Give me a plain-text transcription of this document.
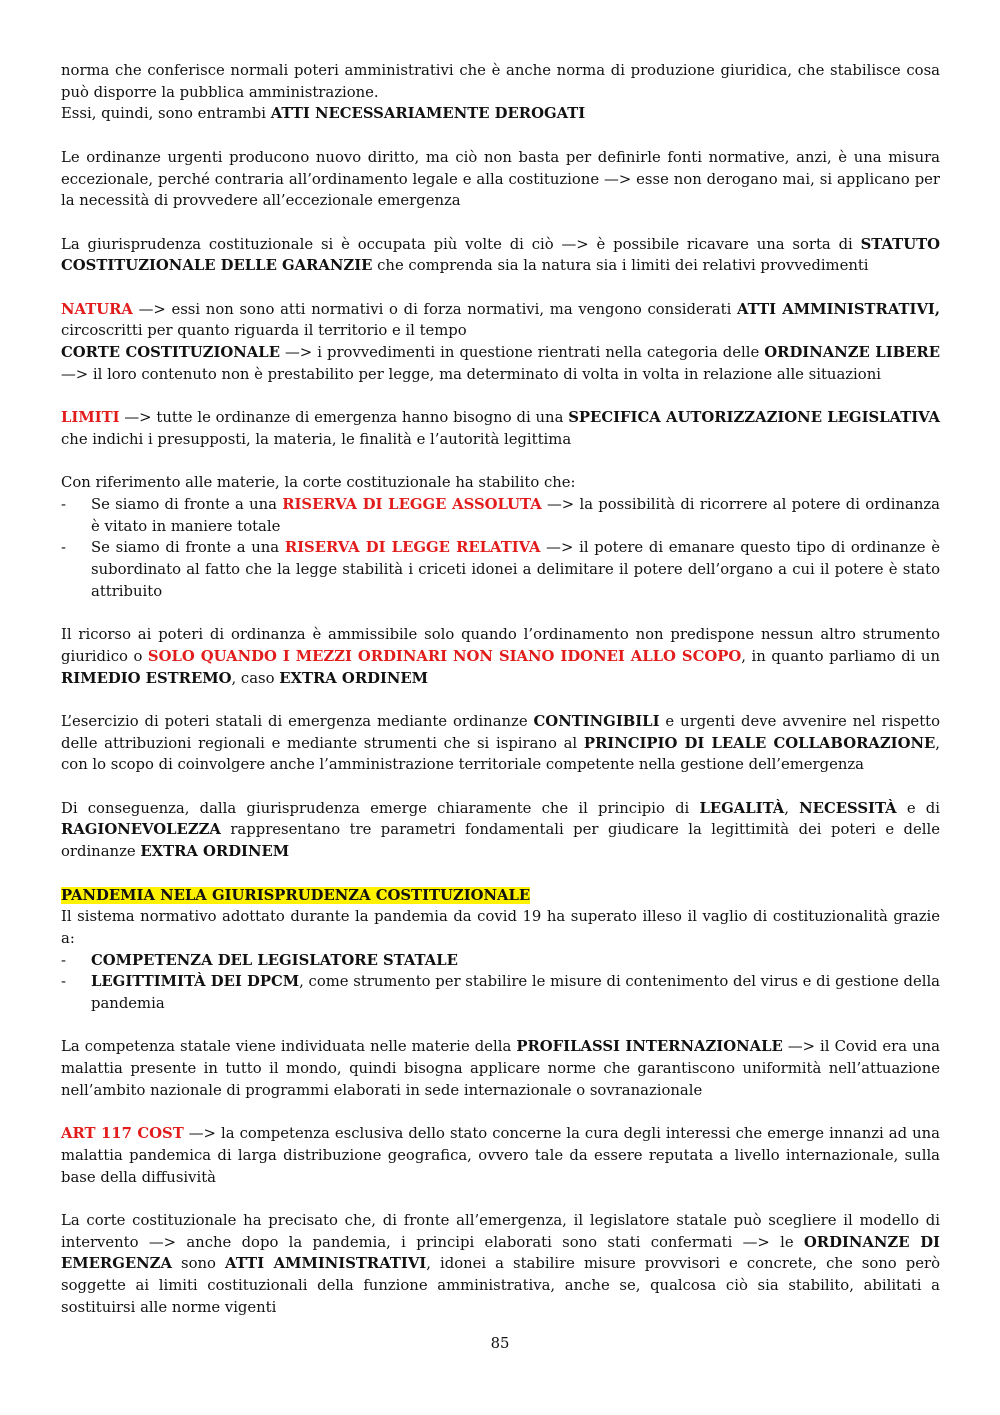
norma che conferisce normali poteri amministrativi che è anche norma di produzione giuridica, che stabilisce cosa può disporre la pubblica amministrazione.

Essi, quindi, sono entrambi ATTI NECESSARIAMENTE DEROGATI

Le ordinanze urgenti producono nuovo diritto, ma ciò non basta per definirle fonti normative, anzi, è una misura eccezionale, perché contraria all’ordinamento legale e alla costituzione —> esse non derogano mai, si applicano per la necessità di provvedere all’eccezionale emergenza

La giurisprudenza costituzionale si è occupata più volte di ciò —> è possibile ricavare una sorta di STATUTO COSTITUZIONALE DELLE GARANZIE che comprenda sia la natura sia i limiti dei relativi provvedimenti

NATURA —> essi non sono atti normativi o di forza normativi, ma vengono considerati ATTI AMMINISTRATIVI, circoscritti per quanto riguarda il territorio e il tempo

CORTE COSTITUZIONALE —> i provvedimenti in questione rientrati nella categoria delle ORDINANZE LIBERE —> il loro contenuto non è prestabilito per legge, ma determinato di volta in volta in relazione alle situazioni

LIMITI —> tutte le ordinanze di emergenza hanno bisogno di una SPECIFICA AUTORIZZAZIONE LEGISLATIVA che indichi i presupposti, la materia, le finalità e l’autorità legittima

Con riferimento alle materie, la corte costituzionale ha stabilito che:

- Se siamo di fronte a una RISERVA DI LEGGE ASSOLUTA —> la possibilità di ricorrere al potere di ordinanza è vitato in maniere totale
- Se siamo di fronte a una RISERVA DI LEGGE RELATIVA —> il potere di emanare questo tipo di ordinanze è subordinato al fatto che la legge stabilità i criceti idonei a delimitare il potere dell’organo a cui il potere è stato attribuito

Il ricorso ai poteri di ordinanza è ammissibile solo quando l’ordinamento non predispone nessun altro strumento giuridico o SOLO QUANDO I MEZZI ORDINARI NON SIANO IDONEI ALLO SCOPO, in quanto parliamo di un RIMEDIO ESTREMO, caso EXTRA ORDINEM

L’esercizio di poteri statali di emergenza mediante ordinanze CONTINGIBILI e urgenti deve avvenire nel rispetto delle attribuzioni regionali e mediante strumenti che si ispirano al PRINCIPIO DI LEALE COLLABORAZIONE, con lo scopo di coinvolgere anche l’amministrazione territoriale competente nella gestione dell’emergenza

Di conseguenza, dalla giurisprudenza emerge chiaramente che il principio di LEGALITÀ, NECESSITÀ e di RAGIONEVOLEZZA rappresentano tre parametri fondamentali per giudicare la legittimità dei poteri e delle ordinanze EXTRA ORDINEM

PANDEMIA NELA GIURISPRUDENZA COSTITUZIONALE

Il sistema normativo adottato durante la pandemia da covid 19 ha superato illeso il vaglio di costituzionalità grazie a:

- COMPETENZA DEL LEGISLATORE STATALE
- LEGITTIMITÀ DEI DPCM, come strumento per stabilire le misure di contenimento del virus e di gestione della pandemia

La competenza statale viene individuata nelle materie della PROFILASSI INTERNAZIONALE —> il Covid era una malattia presente in tutto il mondo, quindi bisogna applicare norme che garantiscono uniformità nell’attuazione nell’ambito nazionale di programmi elaborati in sede internazionale o sovranazionale

ART 117 COST —> la competenza esclusiva dello stato concerne la cura degli interessi che emerge innanzi ad una malattia pandemica di larga distribuzione geografica, ovvero tale da essere reputata a livello internazionale, sulla base della diffusività

La corte costituzionale ha precisato che, di fronte all’emergenza, il legislatore statale può scegliere il modello di intervento —> anche dopo la pandemia, i principi elaborati sono stati confermati —> le ORDINANZE DI EMERGENZA sono ATTI AMMINISTRATIVI, idonei a stabilire misure provvisori e concrete, che sono però soggette ai limiti costituzionali della funzione amministrativa, anche se, qualcosa ciò sia stabilito, abilitati a sostituirsi alle norme vigenti

85
